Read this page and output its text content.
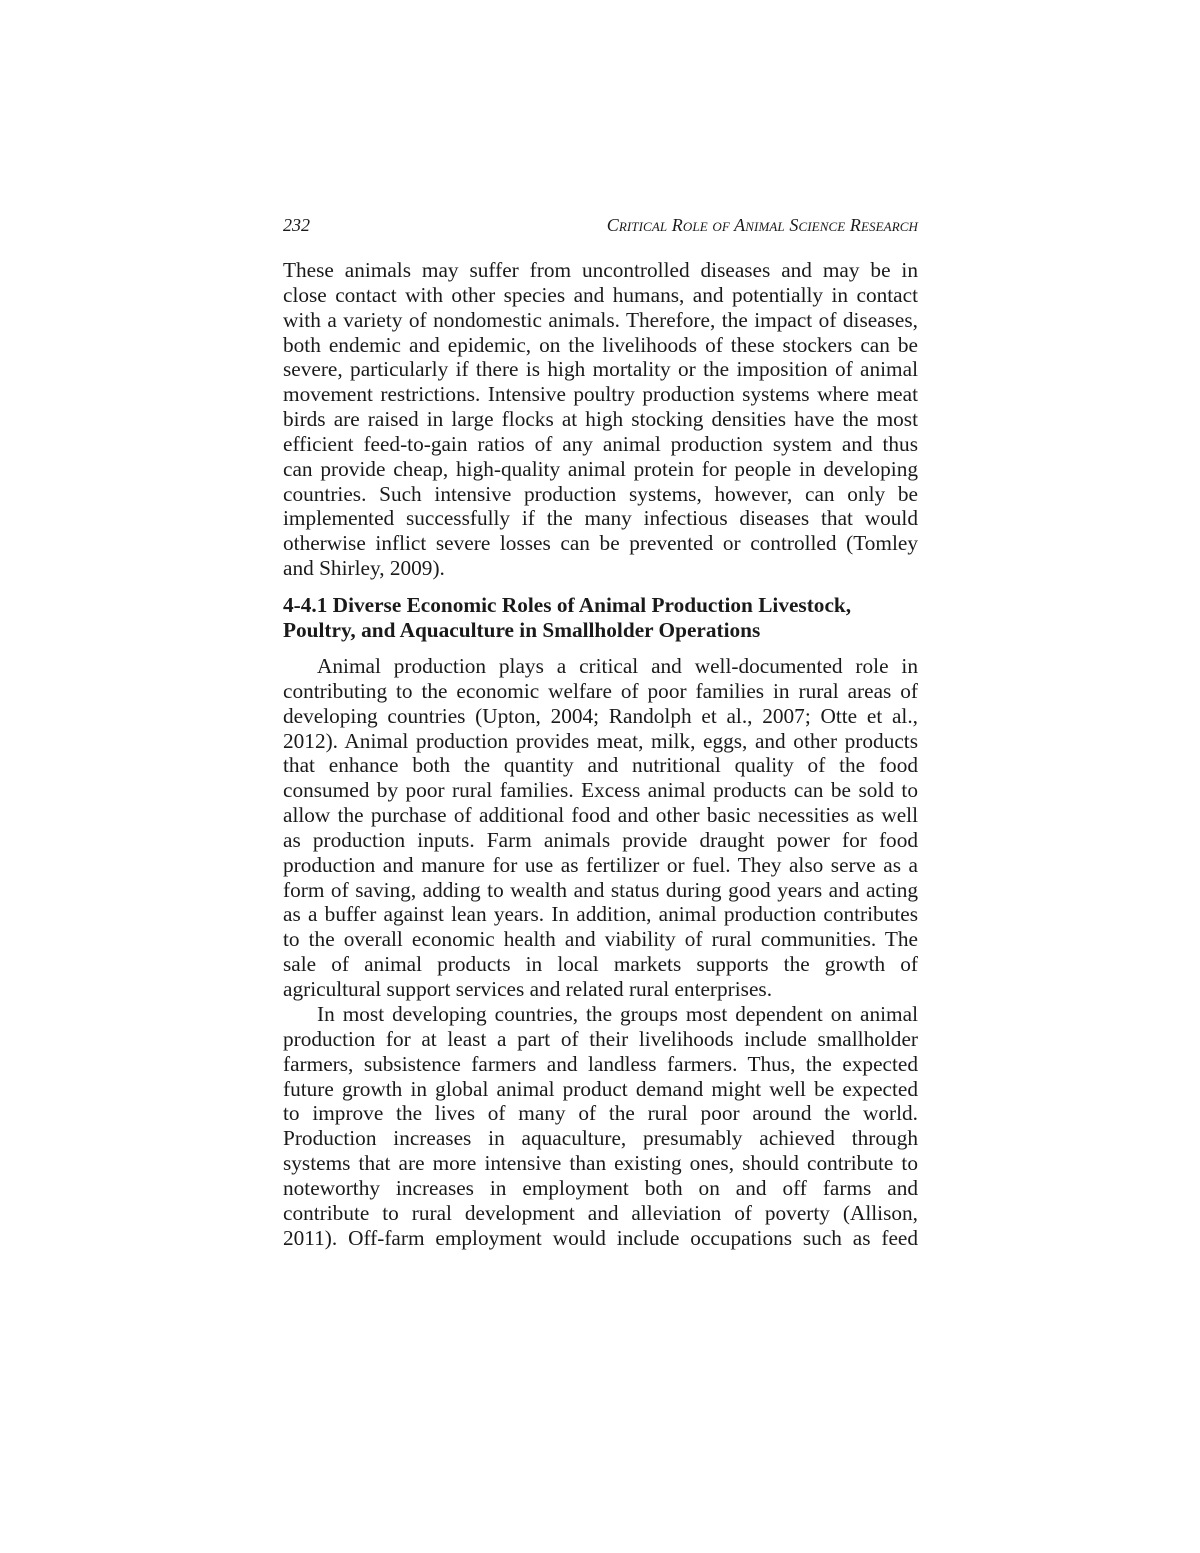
232	Critical Role of Animal Science Research
These animals may suffer from uncontrolled diseases and may be in
close contact with other species and humans, and potentially in contact
with a variety of nondomestic animals. Therefore, the impact of diseases,
both endemic and epidemic, on the livelihoods of these stockers can be
severe, particularly if there is high mortality or the imposition of animal
movement restrictions. Intensive poultry production systems where meat
birds are raised in large flocks at high stocking densities have the most
efficient feed-to-gain ratios of any animal production system and thus
can provide cheap, high-quality animal protein for people in developing
countries. Such intensive production systems, however, can only be
implemented successfully if the many infectious diseases that would
otherwise inflict severe losses can be prevented or controlled (Tomley
and Shirley, 2009).
4-4.1 Diverse Economic Roles of Animal Production Livestock,
Poultry, and Aquaculture in Smallholder Operations
Animal production plays a critical and well-documented role in
contributing to the economic welfare of poor families in rural areas of
developing countries (Upton, 2004; Randolph et al., 2007; Otte et al.,
2012). Animal production provides meat, milk, eggs, and other products
that enhance both the quantity and nutritional quality of the food
consumed by poor rural families. Excess animal products can be sold to
allow the purchase of additional food and other basic necessities as well
as production inputs. Farm animals provide draught power for food
production and manure for use as fertilizer or fuel. They also serve as a
form of saving, adding to wealth and status during good years and acting
as a buffer against lean years. In addition, animal production contributes
to the overall economic health and viability of rural communities. The
sale of animal products in local markets supports the growth of
agricultural support services and related rural enterprises.
In most developing countries, the groups most dependent on animal
production for at least a part of their livelihoods include smallholder
farmers, subsistence farmers and landless farmers. Thus, the expected
future growth in global animal product demand might well be expected
to improve the lives of many of the rural poor around the world.
Production increases in aquaculture, presumably achieved through
systems that are more intensive than existing ones, should contribute to
noteworthy increases in employment both on and off farms and
contribute to rural development and alleviation of poverty (Allison,
2011). Off-farm employment would include occupations such as feed
